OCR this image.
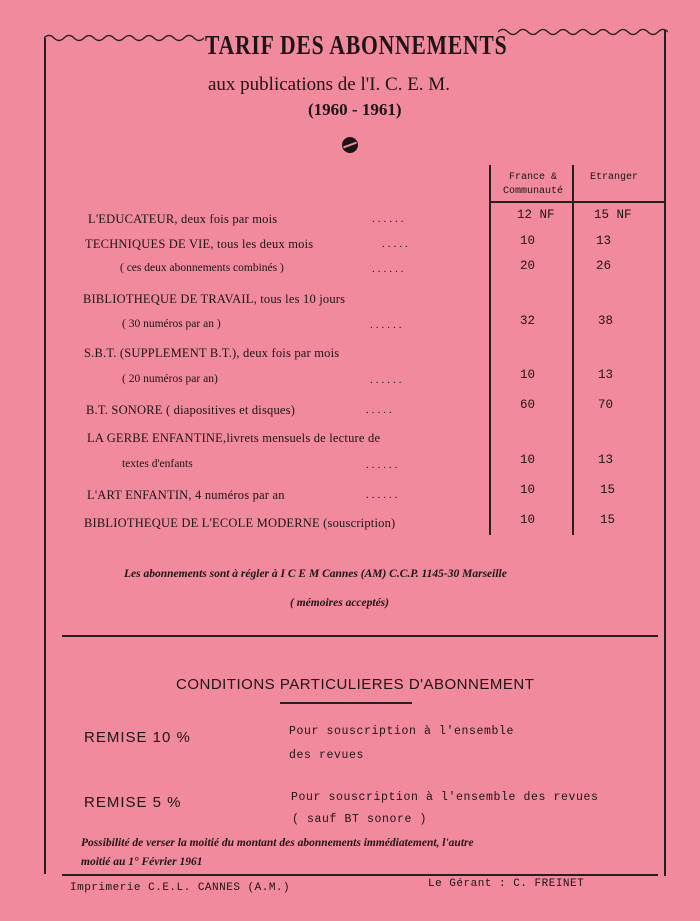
TARIF DES ABONNEMENTS
aux publications de l'I. C. E. M.
(1960 - 1961)
France &
Communauté
Etranger
L'EDUCATEUR, deux fois par mois	......	12 NF	15 NF
TECHNIQUES DE VIE, tous les deux mois	.....	10	13
( ces deux abonnements combinés )	......	20	26
BIBLIOTHEQUE DE TRAVAIL, tous les 10 jours
( 30 numéros par an )	......	32	38
S.B.T. (SUPPLEMENT B.T.), deux fois par mois
( 20 numéros par an)	......	10	13
B.T. SONORE ( diapositives et disques)	.....	60	70
LA GERBE ENFANTINE,livrets mensuels de lecture de
textes d'enfants	......	10	13
L'ART ENFANTIN, 4 numéros par an	......	10	15
BIBLIOTHEQUE DE L'ECOLE MODERNE (souscription)	10	15
Les abonnements sont à régler à I C E M Cannes (AM) C.C.P. 1145-30 Marseille
( mémoires acceptés)
CONDITIONS PARTICULIERES D'ABONNEMENT
REMISE 10 %	Pour souscription à l'ensemble
des revues
REMISE 5 %	Pour souscription à l'ensemble des revues
( sauf BT sonore )
Possibilité de verser la moitié du montant des abonnements immédiatement, l'autre
moitié au 1° Février 1961
Imprimerie C.E.L. CANNES (A.M.)	Le Gérant : C. FREINET
